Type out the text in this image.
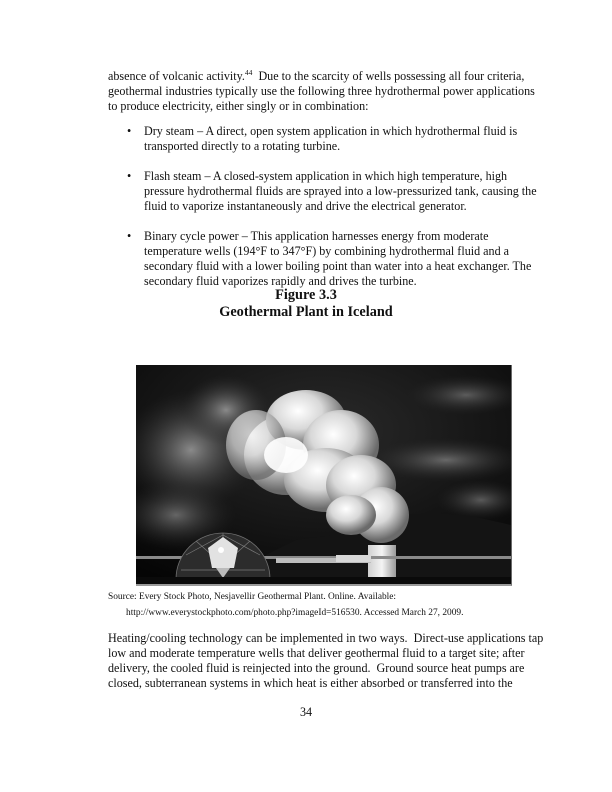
absence of volcanic activity.$^{44}$  Due to the scarcity of wells possessing all four criteria,
geothermal industries typically use the following three hydrothermal power applications
to produce electricity, either singly or in combination:

• Dry steam – A direct, open system application in which hydrothermal fluid is
transported directly to a rotating turbine.
• Flash steam – A closed-system application in which high temperature, high
pressure hydrothermal fluids are sprayed into a low-pressurized tank, causing the
fluid to vaporize instantaneously and drive the electrical generator.
• Binary cycle power – This application harnesses energy from moderate
temperature wells (194°F to 347°F) by combining hydrothermal fluid and a
secondary fluid with a lower boiling point than water into a heat exchanger. The
secondary fluid vaporizes rapidly and drives the turbine.
Figure 3.3
Geothermal Plant in Iceland
Source: Every Stock Photo, Nesjavellir Geothermal Plant. Online. Available:
http://www.everystockphoto.com/photo.php?imageId=516530. Accessed March 27, 2009.

Heating/cooling technology can be implemented in two ways.  Direct-use applications tap
low and moderate temperature wells that deliver geothermal fluid to a target site; after
delivery, the cooled fluid is reinjected into the ground.  Ground source heat pumps are
closed, subterranean systems in which heat is either absorbed or transferred into the

34
